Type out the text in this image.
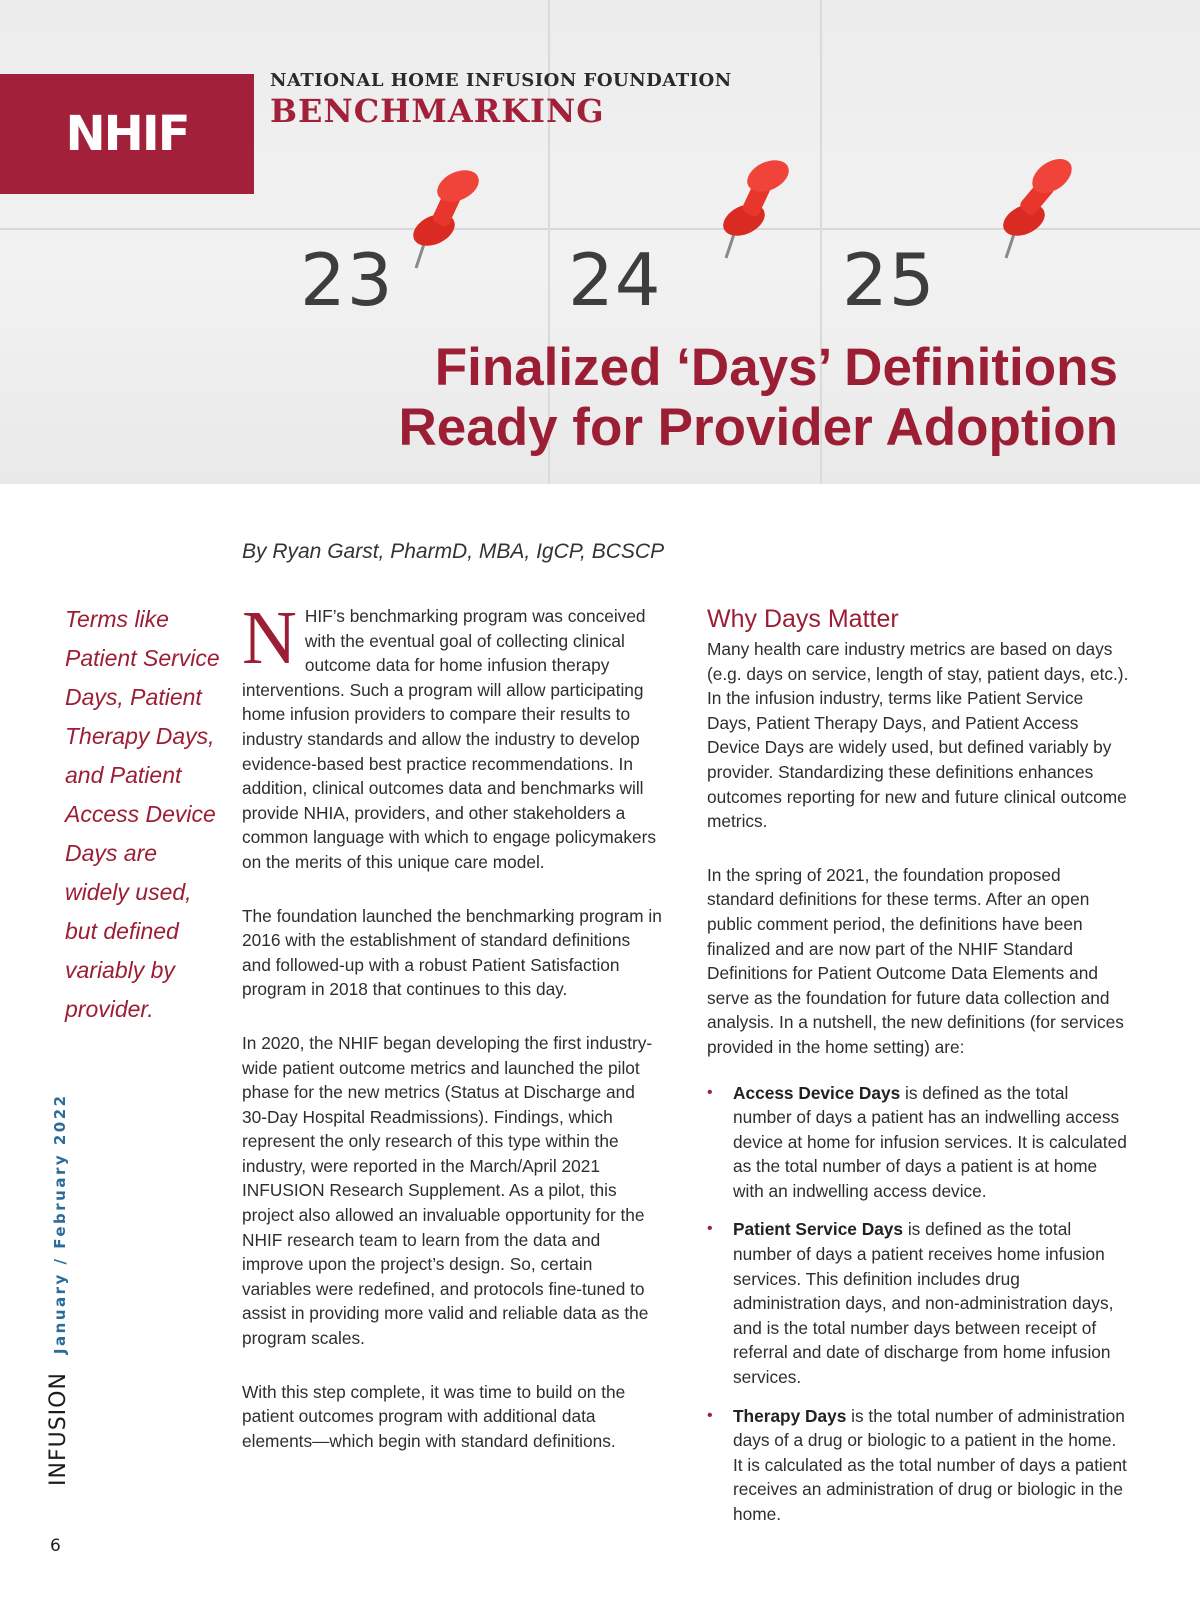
23 24	25
NHIF
NATIONAL HOME INFUSION FOUNDATION
BENCHMARKING
Finalized ‘Days’ Definitions
Ready for Provider Adoption
By Ryan Garst, PharmD, MBA, IgCP, BCSCP
Terms like Patient Service Days, Patient Therapy Days, and Patient Access Device Days are widely used, but defined variably by provider.

NHIF’s benchmarking program was conceived with the eventual goal of collecting clinical outcome data for home infusion therapy interventions. Such a program will allow participating home infusion providers to compare their results to industry standards and allow the industry to develop evidence-based best practice recommendations. In addition, clinical outcomes data and benchmarks will provide NHIA, providers, and other stakeholders a common language with which to engage policymakers on the merits of this unique care model.

The foundation launched the benchmarking program in 2016 with the establishment of standard definitions and followed-up with a robust Patient Satisfaction program in 2018 that continues to this day.

In 2020, the NHIF began developing the first industry-wide patient outcome metrics and launched the pilot phase for the new metrics (Status at Discharge and 30-Day Hospital Readmissions). Findings, which represent the only research of this type within the industry, were reported in the March/April 2021 INFUSION Research Supplement. As a pilot, this project also allowed an invaluable opportunity for the NHIF research team to learn from the data and improve upon the project’s design. So, certain variables were redefined, and protocols fine-tuned to assist in providing more valid and reliable data as the program scales.

With this step complete, it was time to build on the patient outcomes program with additional data elements—which begin with standard definitions.

Why Days Matter

Many health care industry metrics are based on days (e.g. days on service, length of stay, patient days, etc.). In the infusion industry, terms like Patient Service Days, Patient Therapy Days, and Patient Access Device Days are widely used, but defined variably by provider. Standardizing these definitions enhances outcomes reporting for new and future clinical outcome metrics.

In the spring of 2021, the foundation proposed standard definitions for these terms. After an open public comment period, the definitions have been finalized and are now part of the NHIF Standard Definitions for Patient Outcome Data Elements and serve as the foundation for future data collection and analysis. In a nutshell, the new definitions (for services provided in the home setting) are:

• Access Device Days is defined as the total number of days a patient has an indwelling access device at home for infusion services. It is calculated as the total number of days a patient is at home with an indwelling access device.
• Patient Service Days is defined as the total number of days a patient receives home infusion services. This definition includes drug administration days, and non-administration days, and is the total number days between receipt of referral and date of discharge from home infusion services.
• Therapy Days is the total number of administration days of a drug or biologic to a patient in the home. It is calculated as the total number of days a patient receives an administration of drug or biologic in the home.
INFUSIONJanuary / February 2022
6
